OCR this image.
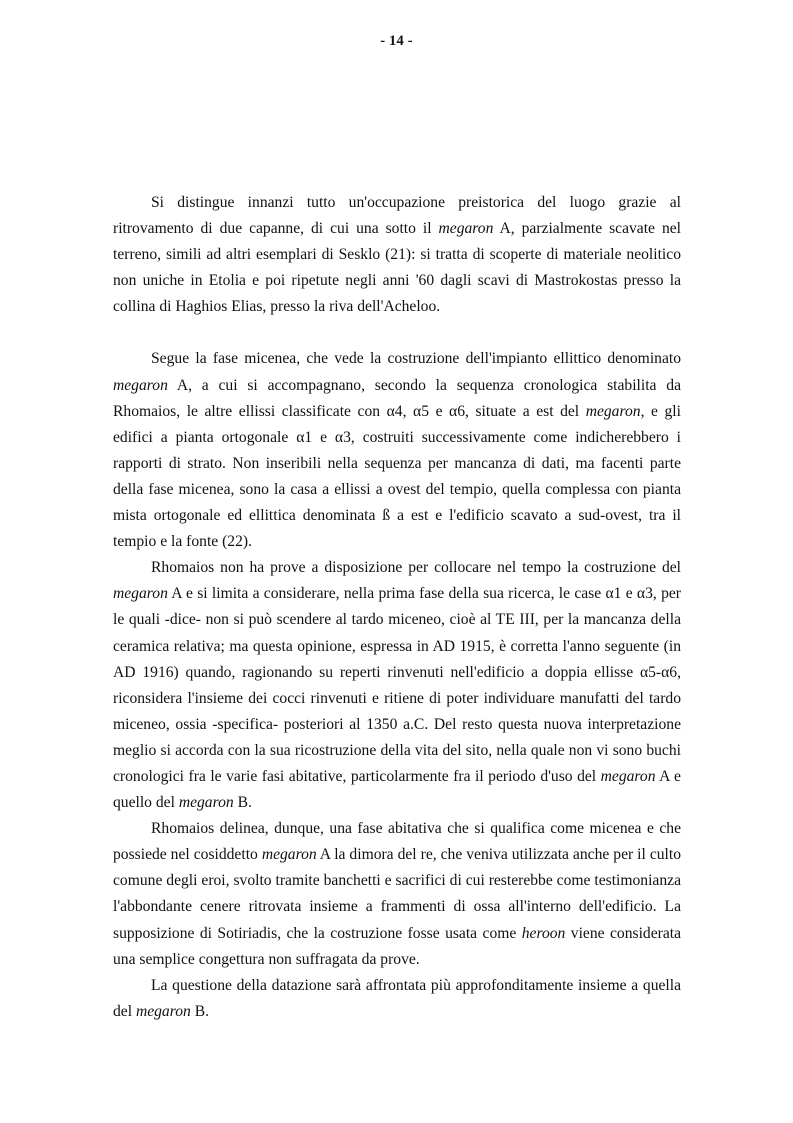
- 14 -

Si distingue innanzi tutto un'occupazione preistorica del luogo grazie al ritrovamento di due capanne, di cui una sotto il megaron A, parzialmente scavate nel terreno, simili ad altri esemplari di Sesklo (21): si tratta di scoperte di materiale neolitico non uniche in Etolia e poi ripetute negli anni '60 dagli scavi di Mastrokostas presso la collina di Haghios Elias, presso la riva dell'Acheloo.

Segue la fase micenea, che vede la costruzione dell'impianto ellittico denominato megaron A, a cui si accompagnano, secondo la sequenza cronologica stabilita da Rhomaios, le altre ellissi classificate con α4, α5 e α6, situate a est del megaron, e gli edifici a pianta ortogonale α1 e α3, costruiti successivamente come indicherebbero i rapporti di strato. Non inseribili nella sequenza per mancanza di dati, ma facenti parte della fase micenea, sono la casa a ellissi a ovest del tempio, quella complessa con pianta mista ortogonale ed ellittica denominata ß a est e l'edificio scavato a sud-ovest, tra il tempio e la fonte (22).

Rhomaios non ha prove a disposizione per collocare nel tempo la costruzione del megaron A e si limita a considerare, nella prima fase della sua ricerca, le case α1 e α3, per le quali -dice- non si può scendere al tardo miceneo, cioè al TE III, per la mancanza della ceramica relativa; ma questa opinione, espressa in AD 1915, è corretta l'anno seguente (in AD 1916) quando, ragionando su reperti rinvenuti nell'edificio a doppia ellisse α5-α6, riconsidera l'insieme dei cocci rinvenuti e ritiene di poter individuare manufatti del tardo miceneo, ossia -specifica- posteriori al 1350 a.C. Del resto questa nuova interpretazione meglio si accorda con la sua ricostruzione della vita del sito, nella quale non vi sono buchi cronologici fra le varie fasi abitative, particolarmente fra il periodo d'uso del megaron A e quello del megaron B.

Rhomaios delinea, dunque, una fase abitativa che si qualifica come micenea e che possiede nel cosiddetto megaron A la dimora del re, che veniva utilizzata anche per il culto comune degli eroi, svolto tramite banchetti e sacrifici di cui resterebbe come testimonianza l'abbondante cenere ritrovata insieme a frammenti di ossa all'interno dell'edificio. La supposizione di Sotiriadis, che la costruzione fosse usata come heroon viene considerata una semplice congettura non suffragata da prove.

La questione della datazione sarà affrontata più approfonditamente insieme a quella del megaron B.
